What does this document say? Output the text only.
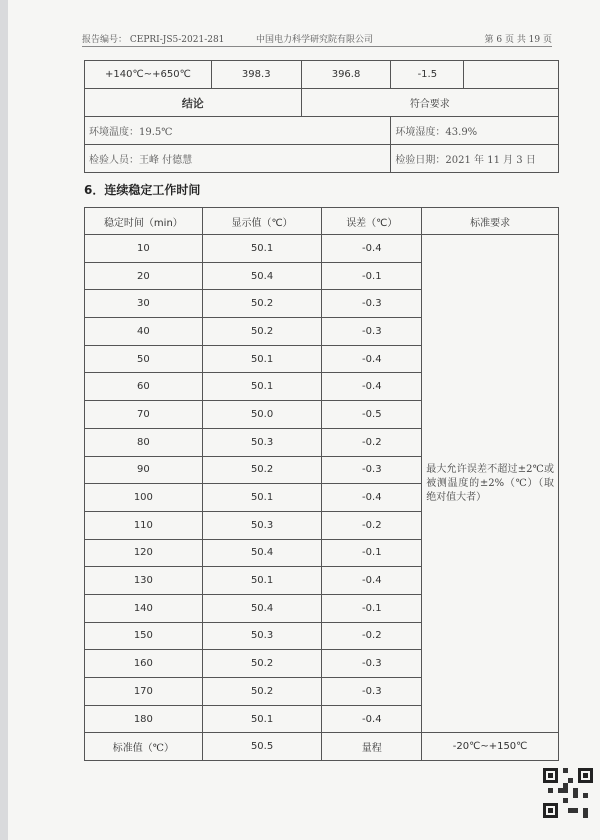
报告编号： CEPRI-JS5-2021-281	中国电力科学研究院有限公司	第 6 页 共 19 页
+140℃~+650℃	398.3	396.8	-1.5	
结论		符合要求		
环境温度：19.5℃			环境湿度：43.9%	
检验人员：王峰 付德慧			检验日期：2021 年 11 月 3 日	
6．连续稳定工作时间
稳定时间（min）	显示值（℃）	误差（℃）	标准要求
10	50.1	-0.4	最大允许误差不超过±2℃或被测温度的±2%（℃）（取绝对值大者）
20	50.4	-0.1	
30	50.2	-0.3	
40	50.2	-0.3	
50	50.1	-0.4	
60	50.1	-0.4	
70	50.0	-0.5	
80	50.3	-0.2	
90	50.2	-0.3	
100	50.1	-0.4	
110	50.3	-0.2	
120	50.4	-0.1	
130	50.1	-0.4	
140	50.4	-0.1	
150	50.3	-0.2	
160	50.2	-0.3	
170	50.2	-0.3	
180	50.1	-0.4	
标准值（℃）	50.5	量程	-20℃~+150℃
